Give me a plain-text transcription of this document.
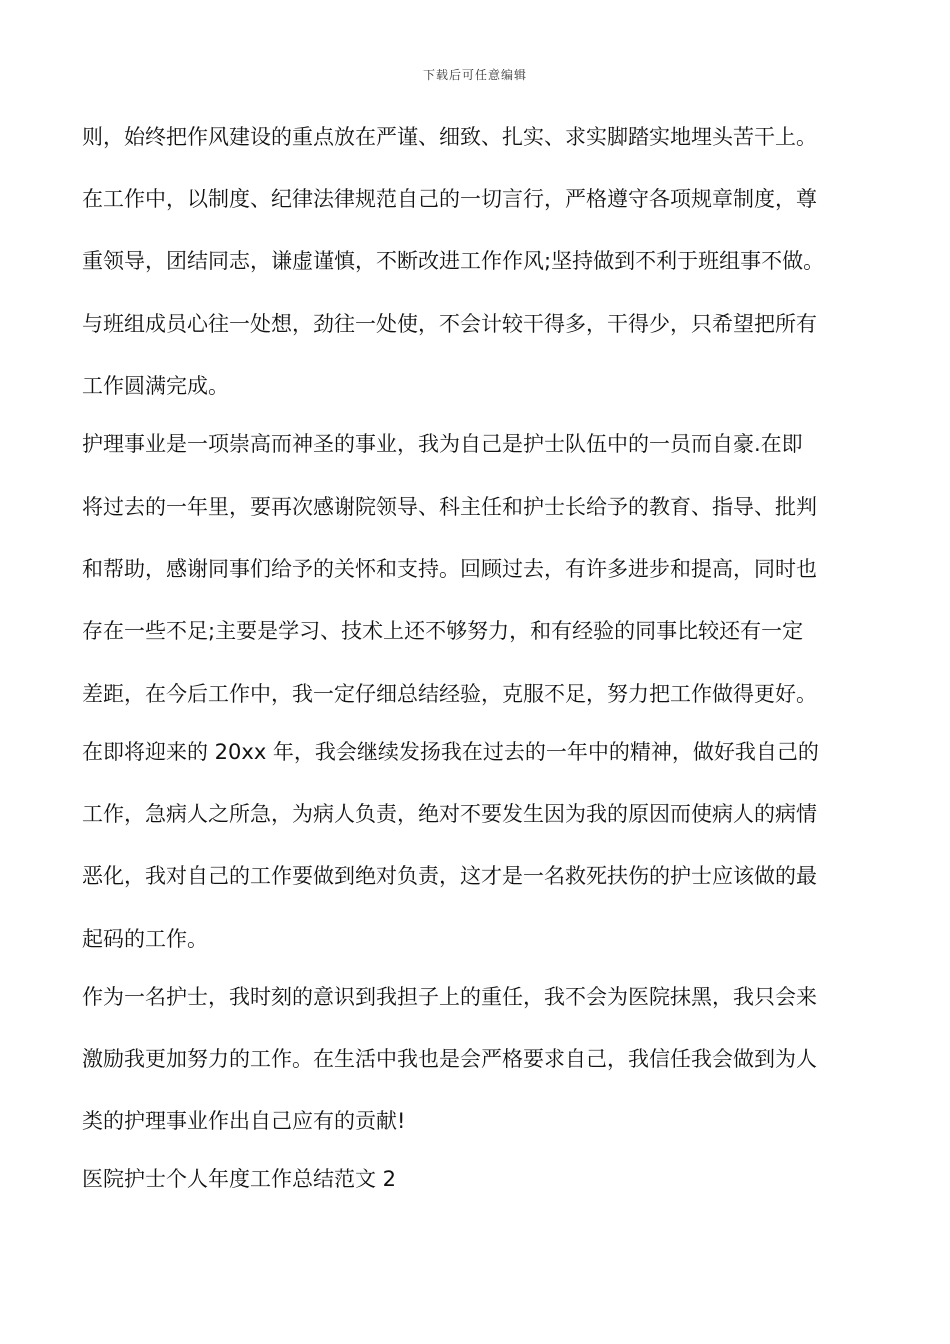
下载后可任意编辑
则，始终把作风建设的重点放在严谨、细致、扎实、求实脚踏实地埋头苦干上。
在工作中，以制度、纪律法律规范自己的一切言行，严格遵守各项规章制度，尊
重领导，团结同志，谦虚谨慎，不断改进工作作风;坚持做到不利于班组事不做。
与班组成员心往一处想，劲往一处使，不会计较干得多，干得少，只希望把所有
工作圆满完成。
护理事业是一项崇高而神圣的事业，我为自己是护士队伍中的一员而自豪.在即
将过去的一年里，要再次感谢院领导、科主任和护士长给予的教育、指导、批判
和帮助，感谢同事们给予的关怀和支持。回顾过去，有许多进步和提高，同时也
存在一些不足;主要是学习、技术上还不够努力，和有经验的同事比较还有一定
差距，在今后工作中，我一定仔细总结经验，克服不足，努力把工作做得更好。
在即将迎来的 20xx 年，我会继续发扬我在过去的一年中的精神，做好我自己的
工作，急病人之所急，为病人负责，绝对不要发生因为我的原因而使病人的病情
恶化，我对自己的工作要做到绝对负责，这才是一名救死扶伤的护士应该做的最
起码的工作。
作为一名护士，我时刻的意识到我担子上的重任，我不会为医院抹黑，我只会来
激励我更加努力的工作。在生活中我也是会严格要求自己，我信任我会做到为人
类的护理事业作出自己应有的贡献!
医院护士个人年度工作总结范文 2
